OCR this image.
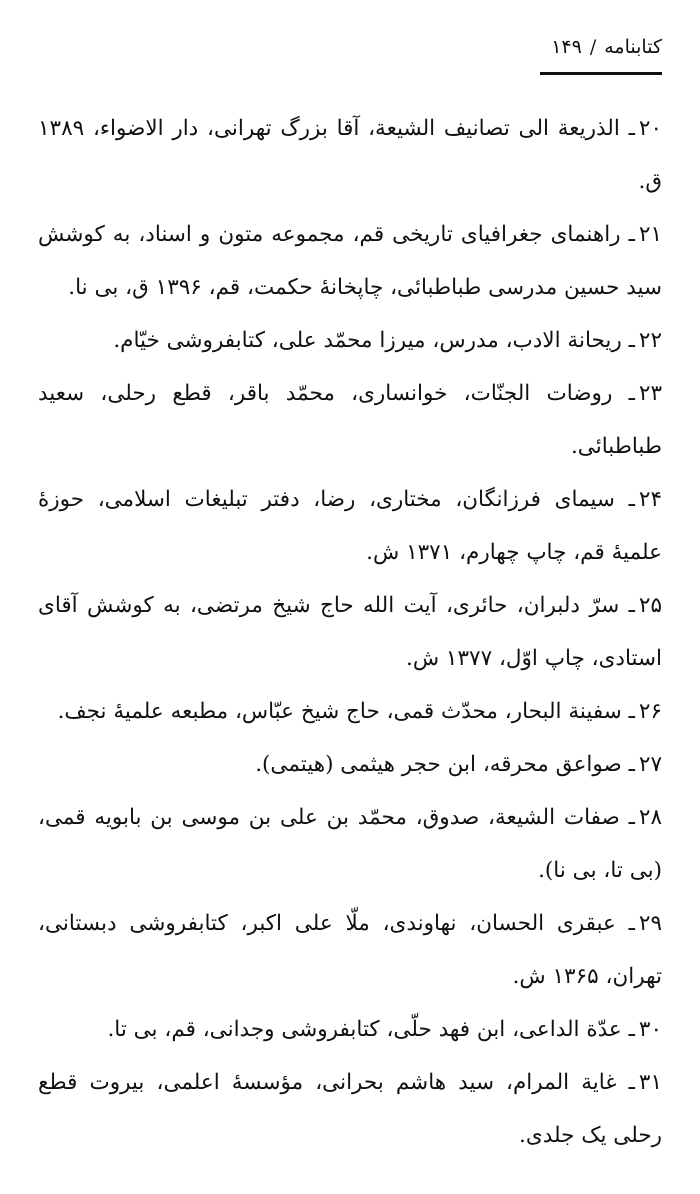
کتابنامه
/
۱۴۹

۲۰ـ الذریعة الی تصانیف الشیعة، آقا بزرگ تهرانی، دار الاضواء، ۱۳۸۹ ق.

۲۱ـ راهنمای جغرافیای تاریخی قم، مجموعه متون و اسناد، به کوشش سید حسین مدرسی طباطبائی، چاپخانۀ حکمت، قم، ۱۳۹۶ ق، بی نا.

۲۲ـ ریحانة الادب، مدرس، میرزا محمّد علی، کتابفروشی خیّام.

۲۳ـ روضات الجنّات، خوانساری، محمّد باقر، قطع رحلی، سعید طباطبائی.

۲۴ـ سیمای فرزانگان، مختاری، رضا، دفتر تبلیغات اسلامی، حوزۀ علمیۀ قم، چاپ چهارم، ۱۳۷۱ ش.

۲۵ـ سرّ دلبران، حائری، آیت الله حاج شیخ مرتضی، به کوشش آقای استادی، چاپ اوّل، ۱۳۷۷ ش.

۲۶ـ سفینة البحار، محدّث قمی، حاج شیخ عبّاس، مطبعه علمیۀ نجف.

۲۷ـ صواعق محرقه، ابن حجر هیثمی (هیتمی).

۲۸ـ صفات الشیعة، صدوق، محمّد بن علی بن موسی بن بابویه قمی، (بی تا، بی نا).

۲۹ـ عبقری الحسان، نهاوندی، ملّا علی اکبر، کتابفروشی دبستانی، تهران، ۱۳۶۵ ش.

۳۰ـ عدّة الداعی، ابن فهد حلّی، کتابفروشی وجدانی، قم، بی تا.

۳۱ـ غایة المرام، سید هاشم بحرانی، مؤسسۀ اعلمی، بیروت قطع رحلی یک جلدی.
